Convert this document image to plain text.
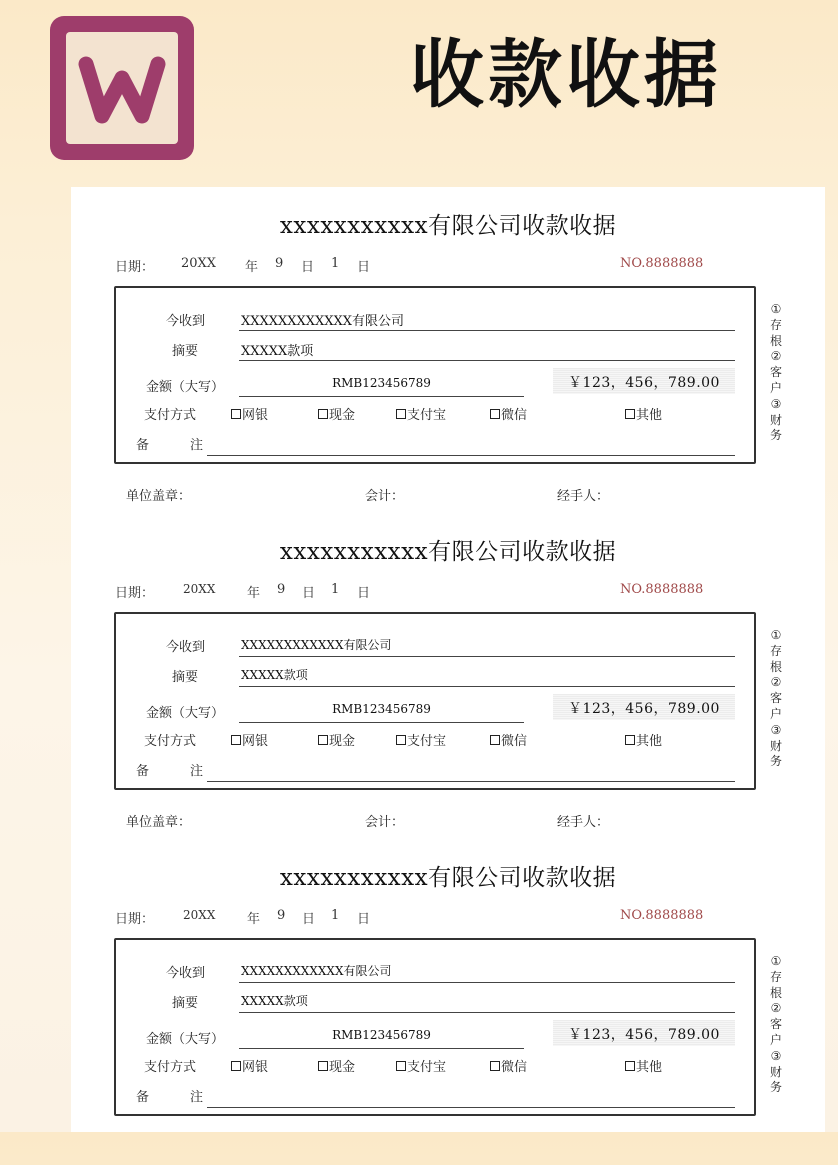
收款收据
xxxxxxxxxxx有限公司收款收据
日期： 20XX 年 9 日 1 日	NO.8888888
今收到	XXXXXXXXXXXX有限公司
摘要	XXXXX款项
金额（大写）	RMB123456789	￥123，456，789.00
支付方式	网银	现金	支付宝	微信	其他
备	注
①
存
根
②
客
户
③
财
务
单位盖章：	会计：	经手人：
xxxxxxxxxxx有限公司收款收据
日期： 20XX 年 9 日 1 日	NO.8888888
今收到	XXXXXXXXXXXX有限公司
摘要	XXXXX款项
金额（大写）	RMB123456789	￥123，456，789.00
支付方式	网银	现金	支付宝	微信	其他
备	注
①
存
根
②
客
户
③
财
务
单位盖章：	会计：	经手人：
xxxxxxxxxxx有限公司收款收据
日期： 20XX 年 9 日 1 日	NO.8888888
今收到	XXXXXXXXXXXX有限公司
摘要	XXXXX款项
金额（大写）	RMB123456789	￥123，456，789.00
支付方式	网银	现金	支付宝	微信	其他
备	注
①
存
根
②
客
户
③
财
务
